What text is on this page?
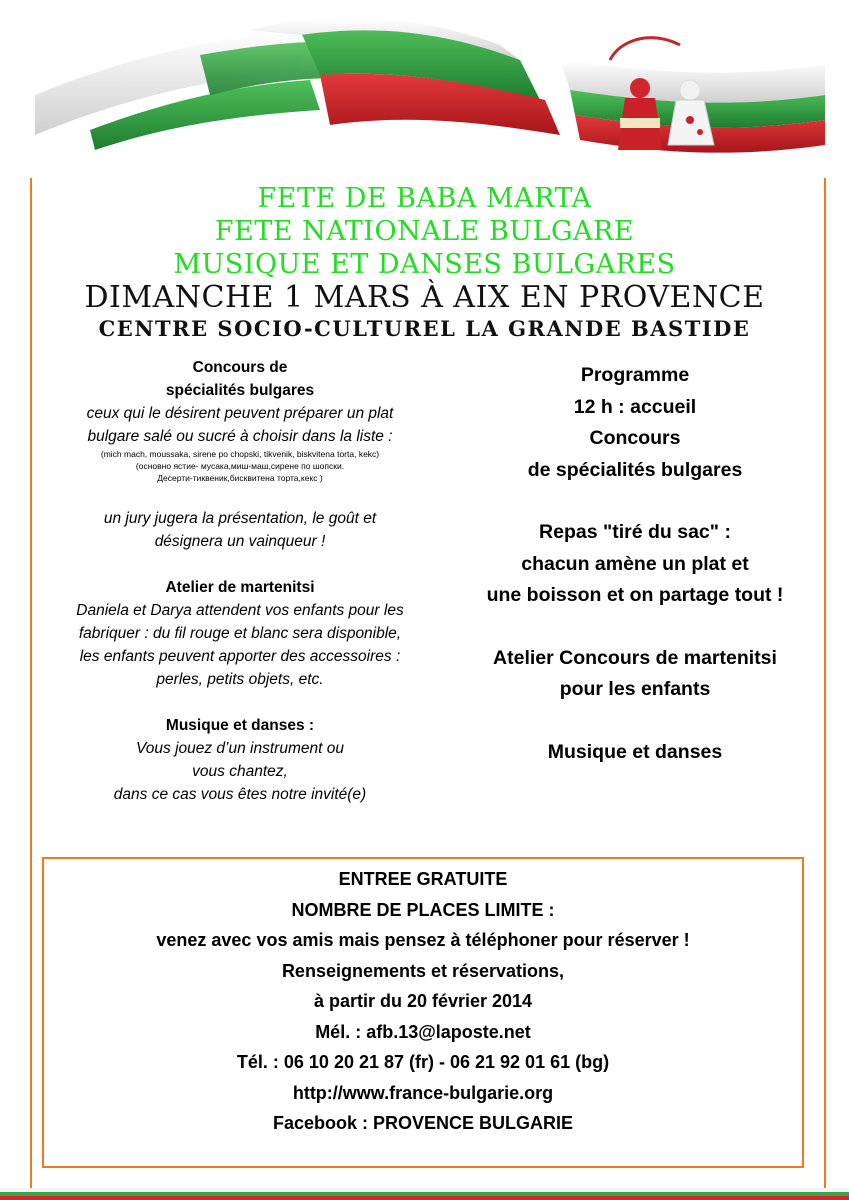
FETE DE BABA MARTA

FETE NATIONALE BULGARE

MUSIQUE ET DANSES BULGARES

DIMANCHE 1 MARS À AIX EN PROVENCE

CENTRE SOCIO-CULTUREL LA GRANDE BASTIDE

Concours de
spécialités bulgares
ceux qui le désirent peuvent préparer un plat
bulgare salé ou sucré à choisir dans la liste :
(mich mach, moussaka, sirene po chopski, tikvenik, biskvitena torta, kekc)
(основно ястие- мусака,миш-маш,сирене по шопски.
Десерти-тиквеник,бисквитена торта,кекс )
un jury jugera la présentation, le goût et
désignera un vainqueur !
Atelier de martenitsi
Daniela et Darya attendent vos enfants pour les
fabriquer : du fil rouge et blanc sera disponible,
les enfants peuvent apporter des accessoires :
perles, petits objets, etc.
Musique et danses :
Vous jouez d’un instrument ou
vous chantez,
dans ce cas vous êtes notre invité(e)
Programme
12 h : accueil
Concours
de spécialités bulgares
Repas "tiré du sac" :
chacun amène un plat et
une boisson et on partage tout !
Atelier Concours de martenitsi
pour les enfants
Musique et danses
ENTREE GRATUITE
NOMBRE DE PLACES LIMITE :
venez avec vos amis mais pensez à téléphoner pour réserver !
Renseignements et réservations,
à partir du 20 février 2014
Mél. : afb.13@laposte.net
Tél. : 06 10 20 21 87 (fr) - 06 21 92 01 61 (bg)
http://www.france-bulgarie.org
Facebook : PROVENCE BULGARIE
